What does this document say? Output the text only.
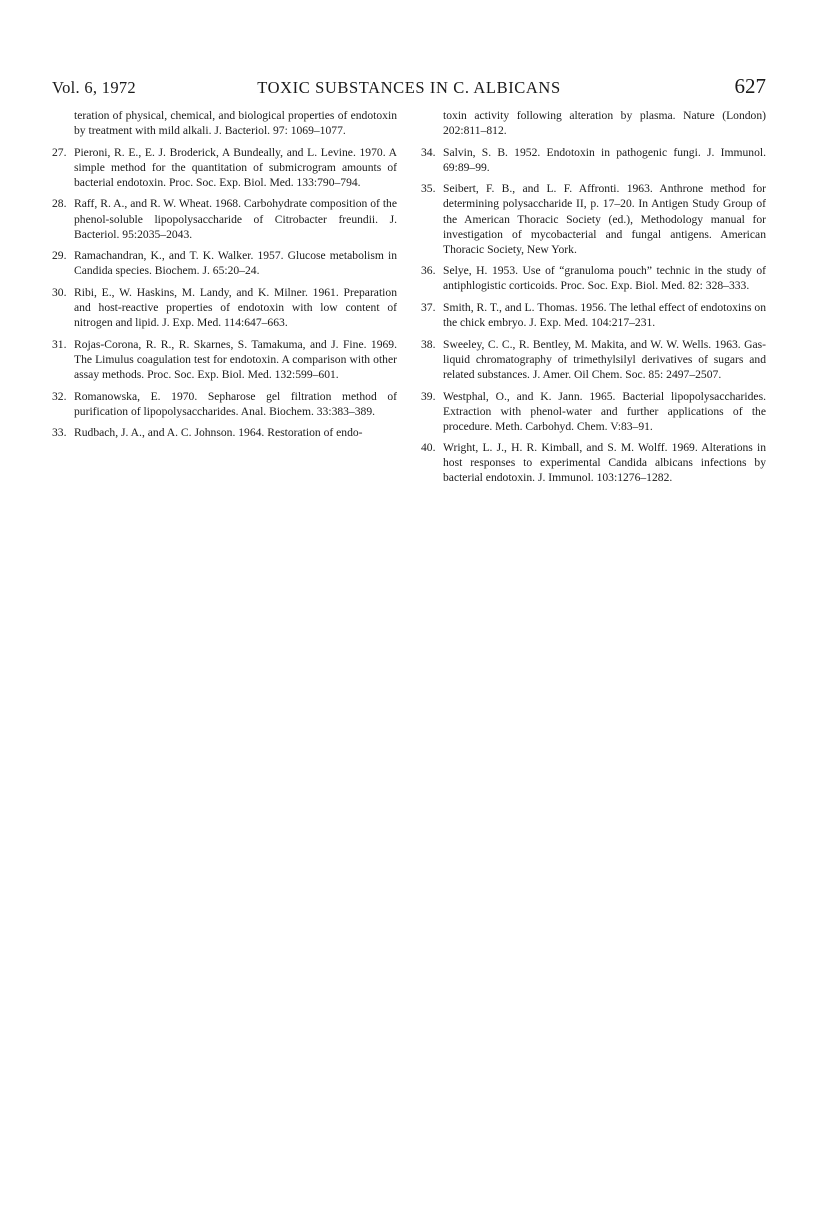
Vol. 6, 1972	TOXIC SUBSTANCES IN C. ALBICANS	627
teration of physical, chemical, and biological properties of endotoxin by treatment with mild alkali. J. Bacteriol. 97: 1069–1077.
27. Pieroni, R. E., E. J. Broderick, A Bundeally, and L. Levine. 1970. A simple method for the quantitation of submicrogram amounts of bacterial endotoxin. Proc. Soc. Exp. Biol. Med. 133:790–794.
28. Raff, R. A., and R. W. Wheat. 1968. Carbohydrate composition of the phenol-soluble lipopolysaccharide of Citrobacter freundii. J. Bacteriol. 95:2035–2043.
29. Ramachandran, K., and T. K. Walker. 1957. Glucose metabolism in Candida species. Biochem. J. 65:20–24.
30. Ribi, E., W. Haskins, M. Landy, and K. Milner. 1961. Preparation and host-reactive properties of endotoxin with low content of nitrogen and lipid. J. Exp. Med. 114:647–663.
31. Rojas-Corona, R. R., R. Skarnes, S. Tamakuma, and J. Fine. 1969. The Limulus coagulation test for endotoxin. A comparison with other assay methods. Proc. Soc. Exp. Biol. Med. 132:599–601.
32. Romanowska, E. 1970. Sepharose gel filtration method of purification of lipopolysaccharides. Anal. Biochem. 33:383–389.
33. Rudbach, J. A., and A. C. Johnson. 1964. Restoration of endo-
toxin activity following alteration by plasma. Nature (London) 202:811–812.
34. Salvin, S. B. 1952. Endotoxin in pathogenic fungi. J. Immunol. 69:89–99.
35. Seibert, F. B., and L. F. Affronti. 1963. Anthrone method for determining polysaccharide II, p. 17–20. In Antigen Study Group of the American Thoracic Society (ed.), Methodology manual for investigation of mycobacterial and fungal antigens. American Thoracic Society, New York.
36. Selye, H. 1953. Use of “granuloma pouch” technic in the study of antiphlogistic corticoids. Proc. Soc. Exp. Biol. Med. 82: 328–333.
37. Smith, R. T., and L. Thomas. 1956. The lethal effect of endotoxins on the chick embryo. J. Exp. Med. 104:217–231.
38. Sweeley, C. C., R. Bentley, M. Makita, and W. W. Wells. 1963. Gas-liquid chromatography of trimethylsilyl derivatives of sugars and related substances. J. Amer. Oil Chem. Soc. 85: 2497–2507.
39. Westphal, O., and K. Jann. 1965. Bacterial lipopolysaccharides. Extraction with phenol-water and further applications of the procedure. Meth. Carbohyd. Chem. V:83–91.
40. Wright, L. J., H. R. Kimball, and S. M. Wolff. 1969. Alterations in host responses to experimental Candida albicans infections by bacterial endotoxin. J. Immunol. 103:1276–1282.
